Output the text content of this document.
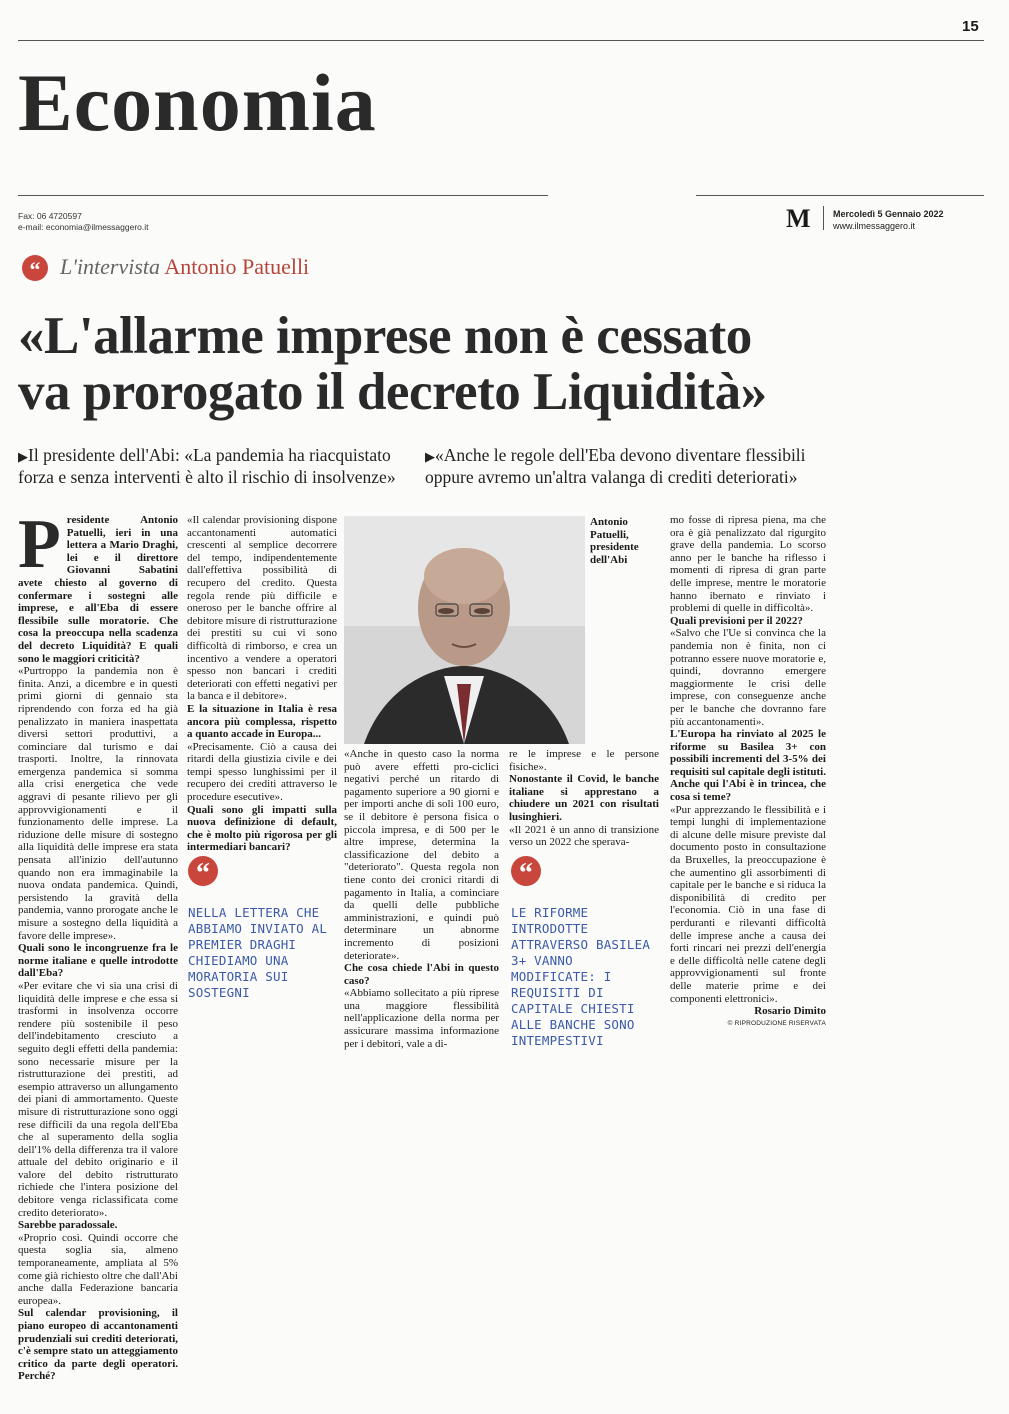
15
Economia
Fax: 06 4720597
e-mail: economia@ilmessaggero.it	M Mercoledì 5 Gennaio 2022
www.ilmessaggero.it
“ L'intervista Antonio Patuelli
«L'allarme imprese non è cessato
va prorogato il decreto Liquidità»
▶Il presidente dell'Abi: «La pandemia ha riacquistato forza e senza interventi è alto il rischio di insolvenze»
▶«Anche le regole dell'Eba devono diventare flessibili oppure avremo un'altra valanga di crediti deteriorati»
P residente Antonio Patuelli, ieri in una lettera a Mario Draghi, lei e il direttore Giovanni Sabatini avete chiesto al governo di confermare i sostegni alle imprese, e all'Eba di essere flessibile sulle moratorie. Che cosa la preoccupa nella scadenza del decreto Liquidità? E quali sono le maggiori criticità?

«Purtroppo la pandemia non è finita. Anzi, a dicembre e in questi primi giorni di gennaio sta riprendendo con forza ed ha già penalizzato in maniera inaspettata diversi settori produttivi, a cominciare dal turismo e dai trasporti. Inoltre, la rinnovata emergenza pandemica si somma alla crisi energetica che vede aggravi di pesante rilievo per gli approvvigionamenti e il funzionamento delle imprese. La riduzione delle misure di sostegno alla liquidità delle imprese era stata pensata all'inizio dell'autunno quando non era immaginabile la nuova ondata pandemica. Quindi, persistendo la gravità della pandemia, vanno prorogate anche le misure a sostegno della liquidità a favore delle imprese».

Quali sono le incongruenze fra le norme italiane e quelle introdotte dall'Eba?

«Per evitare che vi sia una crisi di liquidità delle imprese e che essa si trasformi in insolvenza occorre rendere più sostenibile il peso dell'indebitamento cresciuto a seguito degli effetti della pandemia: sono necessarie misure per la ristrutturazione dei prestiti, ad esempio attraverso un allungamento dei piani di ammortamento. Queste misure di ristrutturazione sono oggi rese difficili da una regola dell'Eba che al superamento della soglia dell'1% della differenza tra il valore attuale del debito originario e il valore del debito ristrutturato richiede che l'intera posizione del debitore venga riclassificata come credito deteriorato».

Sarebbe paradossale.

«Proprio così. Quindi occorre che questa soglia sia, almeno temporaneamente, ampliata al 5% come già richiesto oltre che dall'Abi anche dalla Federazione bancaria europea».

Sul calendar provisioning, il piano europeo di accantonamenti prudenziali sui crediti deteriorati, c'è sempre stato un atteggiamento critico da parte degli operatori. Perché?

«Il calendar provisioning dispone accantonamenti automatici crescenti al semplice decorrere del tempo, indipendentemente dall'effettiva possibilità di recupero del credito. Questa regola rende più difficile e oneroso per le banche offrire al debitore misure di ristrutturazione dei prestiti su cui vi sono difficoltà di rimborso, e crea un incentivo a vendere a operatori spesso non bancari i crediti deteriorati con effetti negativi per la banca e il debitore».

E la situazione in Italia è resa ancora più complessa, rispetto a quanto accade in Europa...

«Precisamente. Ciò a causa dei ritardi della giustizia civile e dei tempi spesso lunghissimi per il recupero dei crediti attraverso le procedure esecutive».

Quali sono gli impatti sulla nuova definizione di default, che è molto più rigorosa per gli intermediari bancari?

“
NELLA LETTERA CHE ABBIAMO INVIATO AL PREMIER DRAGHI CHIEDIAMO UNA MORATORIA SUI SOSTEGNI
Antonio Patuelli,
presidente dell'Abi

«Anche in questo caso la norma può avere effetti pro-ciclici negativi perché un ritardo di pagamento superiore a 90 giorni e per importi anche di soli 100 euro, se il debitore è persona fisica o piccola impresa, e di 500 per le altre imprese, determina la classificazione del debito a "deteriorato". Questa regola non tiene conto dei cronici ritardi di pagamento in Italia, a cominciare da quelli delle pubbliche amministrazioni, e quindi può determinare un abnorme incremento di posizioni deteriorate».

Che cosa chiede l'Abi in questo caso?

«Abbiamo sollecitato a più riprese una maggiore flessibilità nell'applicazione della norma per assicurare massima informazione per i debitori, vale a di-

re le imprese e le persone fisiche».

Nonostante il Covid, le banche italiane si apprestano a chiudere un 2021 con risultati lusinghieri.

«Il 2021 è un anno di transizione verso un 2022 che speravа-

“
LE RIFORME INTRODOTTE ATTRAVERSO BASILEA 3+ VANNO MODIFICATE: I REQUISITI DI CAPITALE CHIESTI ALLE BANCHE SONO INTEMPESTIVI

mo fosse di ripresa piena, ma che ora è già penalizzato dal rigurgito grave della pandemia. Lo scorso anno per le banche ha riflesso i momenti di ripresa di gran parte delle imprese, mentre le moratorie hanno ibernato e rinviato i problemi di quelle in difficoltà».

Quali previsioni per il 2022?

«Salvo che l'Ue si convinca che la pandemia non è finita, non ci potranno essere nuove moratorie e, quindi, dovranno emergere maggiormente le crisi delle imprese, con conseguenze anche per le banche che dovranno fare più accantonamenti».

L'Europa ha rinviato al 2025 le riforme su Basilea 3+ con possibili incrementi del 3-5% dei requisiti sul capitale degli istituti. Anche qui l'Abi è in trincea, che cosa si teme?

«Pur apprezzando le flessibilità e i tempi lunghi di implementazione di alcune delle misure previste dal documento posto in consultazione da Bruxelles, la preoccupazione è che aumentino gli assorbimenti di capitale per le banche e si riduca la disponibilità di credito per l'economia. Ciò in una fase di perduranti e rilevanti difficoltà delle imprese anche a causa dei forti rincari nei prezzi dell'energia e delle difficoltà nelle catene degli approvvigionamenti sul fronte delle materie prime e dei componenti elettronici».

Rosario Dimito

© RIPRODUZIONE RISERVATA
